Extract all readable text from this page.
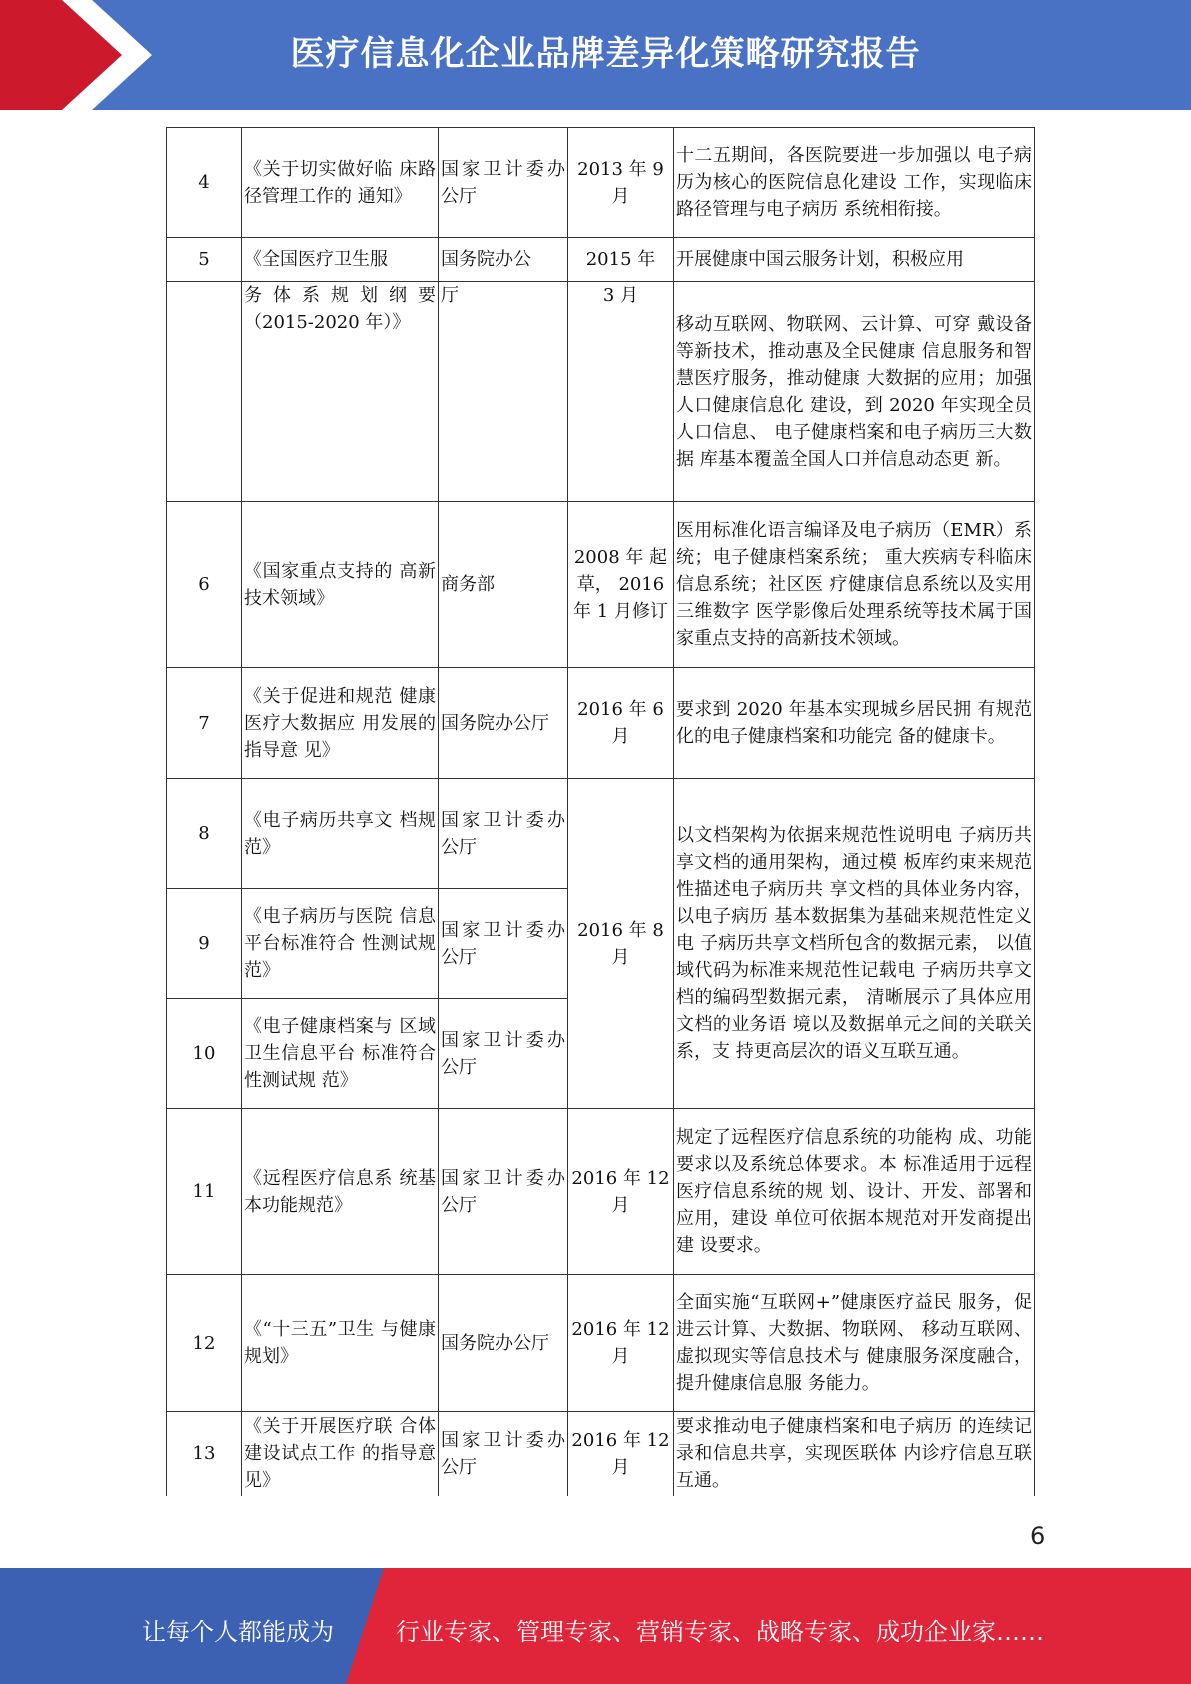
医疗信息化企业品牌差异化策略研究报告
4	《关于切实做好临 床路径管理工作的 通知》	国家卫计委办公厅	2013 年 9月	十二五期间，各医院要进一步加强以 电子病历为核心的医院信息化建设 工作，实现临床路径管理与电子病历 系统相衔接。
5	《全国医疗卫生服	国务院办公	2015 年	开展健康中国云服务计划，积极应用
	务体系规划纲要（2015-2020 年）》	厅	3 月	移动互联网、物联网、云计算、可穿 戴设备等新技术，推动惠及全民健康 信息服务和智慧医疗服务，推动健康 大数据的应用；加强人口健康信息化 建设，到 2020 年实现全员人口信息、 电子健康档案和电子病历三大数据 库基本覆盖全国人口并信息动态更 新。
6	《国家重点支持的 高新技术领域》	商务部	2008 年 起草， 2016 年 1 月修订	医用标准化语言编译及电子病历（EMR）系统；电子健康档案系统； 重大疾病专科临床信息系统；社区医 疗健康信息系统以及实用三维数字 医学影像后处理系统等技术属于国 家重点支持的高新技术领域。
7	《关于促进和规范 健康医疗大数据应 用发展的指导意 见》	国务院办公厅	2016 年 6月	要求到 2020 年基本实现城乡居民拥 有规范化的电子健康档案和功能完 备的健康卡。
8	《电子病历共享文 档规范》	国家卫计委办公厅	2016 年 8月	以文档架构为依据来规范性说明电 子病历共享文档的通用架构，通过模 板库约束来规范性描述电子病历共 享文档的具体业务内容，以电子病历 基本数据集为基础来规范性定义电 子病历共享文档所包含的数据元素， 以值域代码为标准来规范性记载电 子病历共享文档的编码型数据元素， 清晰展示了具体应用文档的业务语 境以及数据单元之间的关联关系，支 持更高层次的语义互联互通。
9	《电子病历与医院 信息平台标准符合 性测试规范》	国家卫计委办公厅		
10	《电子健康档案与 区域卫生信息平台 标准符合性测试规 范》	国家卫计委办公厅		
11	《远程医疗信息系 统基本功能规范》	国家卫计委办公厅	2016 年 12月	规定了远程医疗信息系统的功能构 成、功能要求以及系统总体要求。本 标准适用于远程医疗信息系统的规 划、设计、开发、部署和应用，建设 单位可依据本规范对开发商提出建 设要求。
12	《“十三五”卫生 与健康规划》	国务院办公厅	2016 年 12月	全面实施“互联网+”健康医疗益民 服务，促进云计算、大数据、物联网、 移动互联网、虚拟现实等信息技术与 健康服务深度融合，提升健康信息服 务能力。
13	《关于开展医疗联 合体建设试点工作 的指导意见》	国家卫计委办公厅	2016 年 12月	要求推动电子健康档案和电子病历 的连续记录和信息共享，实现医联体 内诊疗信息互联互通。
6
让每个人都能成为	行业专家、管理专家、营销专家、战略专家、成功企业家……
